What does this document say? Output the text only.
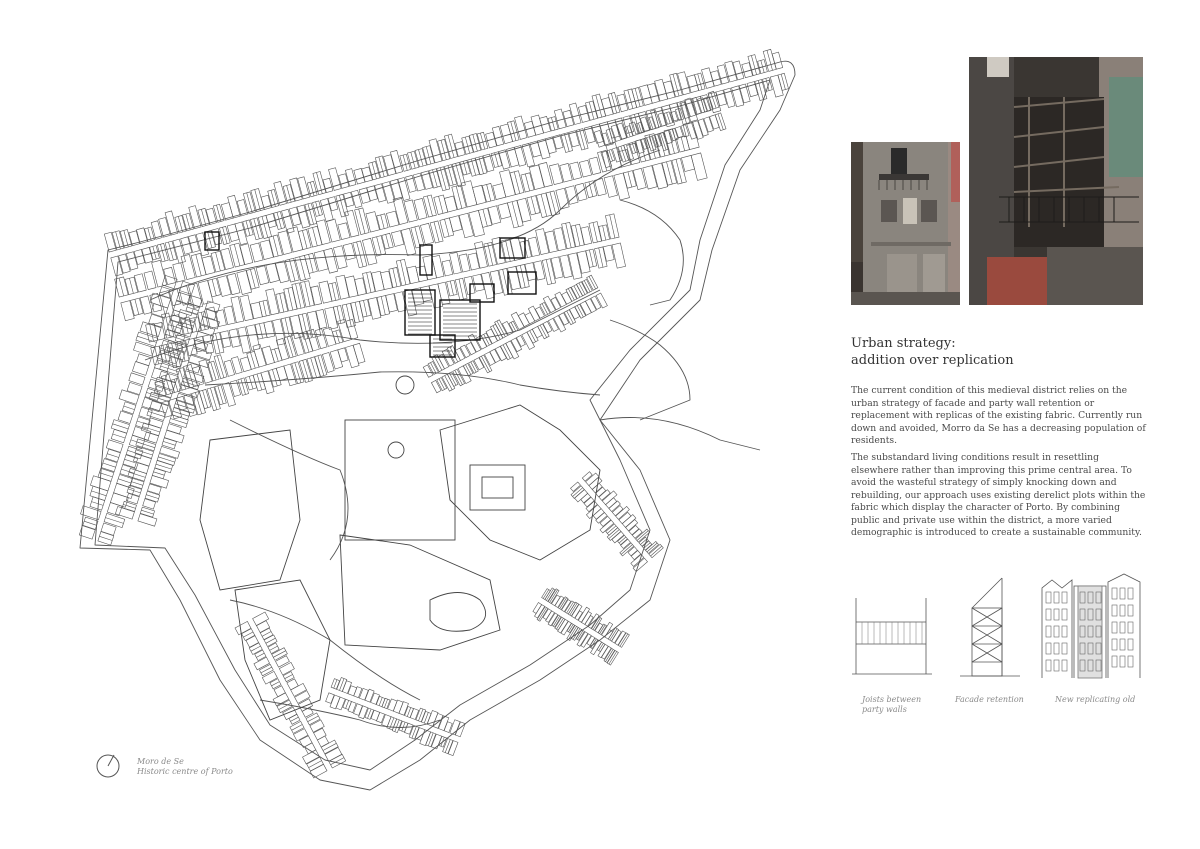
Moro de Se
Historic centre of Porto
Urban strategy:
addition over replication
The current condition of this medieval district relies on the urban strategy of facade and party wall retention or replacement with replicas of the existing fabric. Currently run down and avoided, Morro da Se has a decreasing population of residents.
The substandard living conditions result in resettling elsewhere rather than improving this prime central area. To avoid the wasteful strategy of simply knocking down and rebuilding, our approach uses existing derelict plots within the fabric which display the character of Porto. By combining public and private use within the district, a more varied demographic is introduced to create a sustainable community.
Joists between party walls
Facade retention	New replicating old
